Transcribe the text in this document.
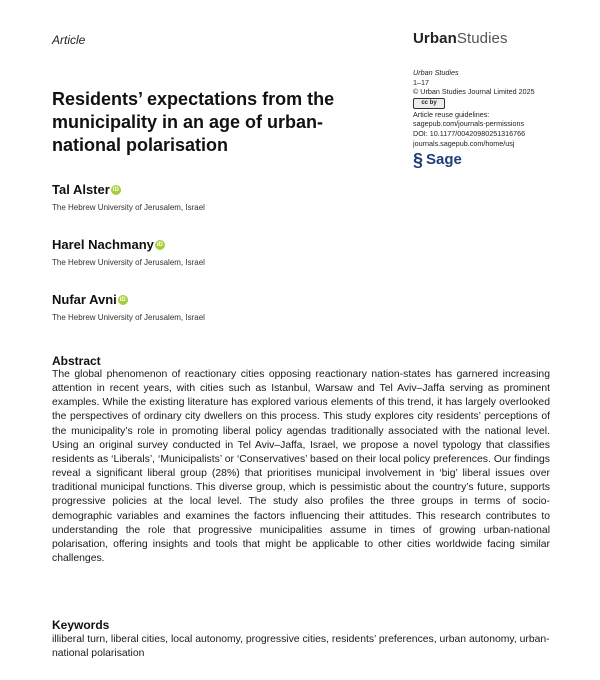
Article	UrbanStudies
Residents’ expectations from the municipality in an age of urban-national polarisation
Urban Studies
1–17
© Urban Studies Journal Limited 2025
cc by
Article reuse guidelines:
sagepub.com/journals-permissions
DOI: 10.1177/00420980251316766
journals.sagepub.com/home/usj
§ Sage
Tal Alster iD
The Hebrew University of Jerusalem, Israel
Harel Nachmany iD
The Hebrew University of Jerusalem, Israel
Nufar Avni iD
The Hebrew University of Jerusalem, Israel
Abstract

The global phenomenon of reactionary cities opposing reactionary nation-states has garnered increasing attention in recent years, with cities such as Istanbul, Warsaw and Tel Aviv–Jaffa serving as prominent examples. While the existing literature has explored various elements of this trend, it has largely overlooked the perspectives of ordinary city dwellers on this process. This study explores city residents’ perceptions of the municipality’s role in promoting liberal policy agendas traditionally associated with the national level. Using an original survey conducted in Tel Aviv–Jaffa, Israel, we propose a novel typology that classifies residents as ‘Liberals’, ‘Municipalists’ or ‘Conservatives’ based on their local policy preferences. Our findings reveal a significant liberal group (28%) that prioritises municipal involvement in ‘big’ liberal issues over traditional municipal functions. This diverse group, which is pessimistic about the country’s future, supports progressive policies at the local level. The study also profiles the three groups in terms of socio-demographic variables and examines the factors influencing their attitudes. This research contributes to understanding the role that progressive municipalities assume in times of growing urban-national polarisation, offering insights and tools that might be applicable to other cities worldwide facing similar challenges.

Keywords

illiberal turn, liberal cities, local autonomy, progressive cities, residents’ preferences, urban autonomy, urban-national polarisation
